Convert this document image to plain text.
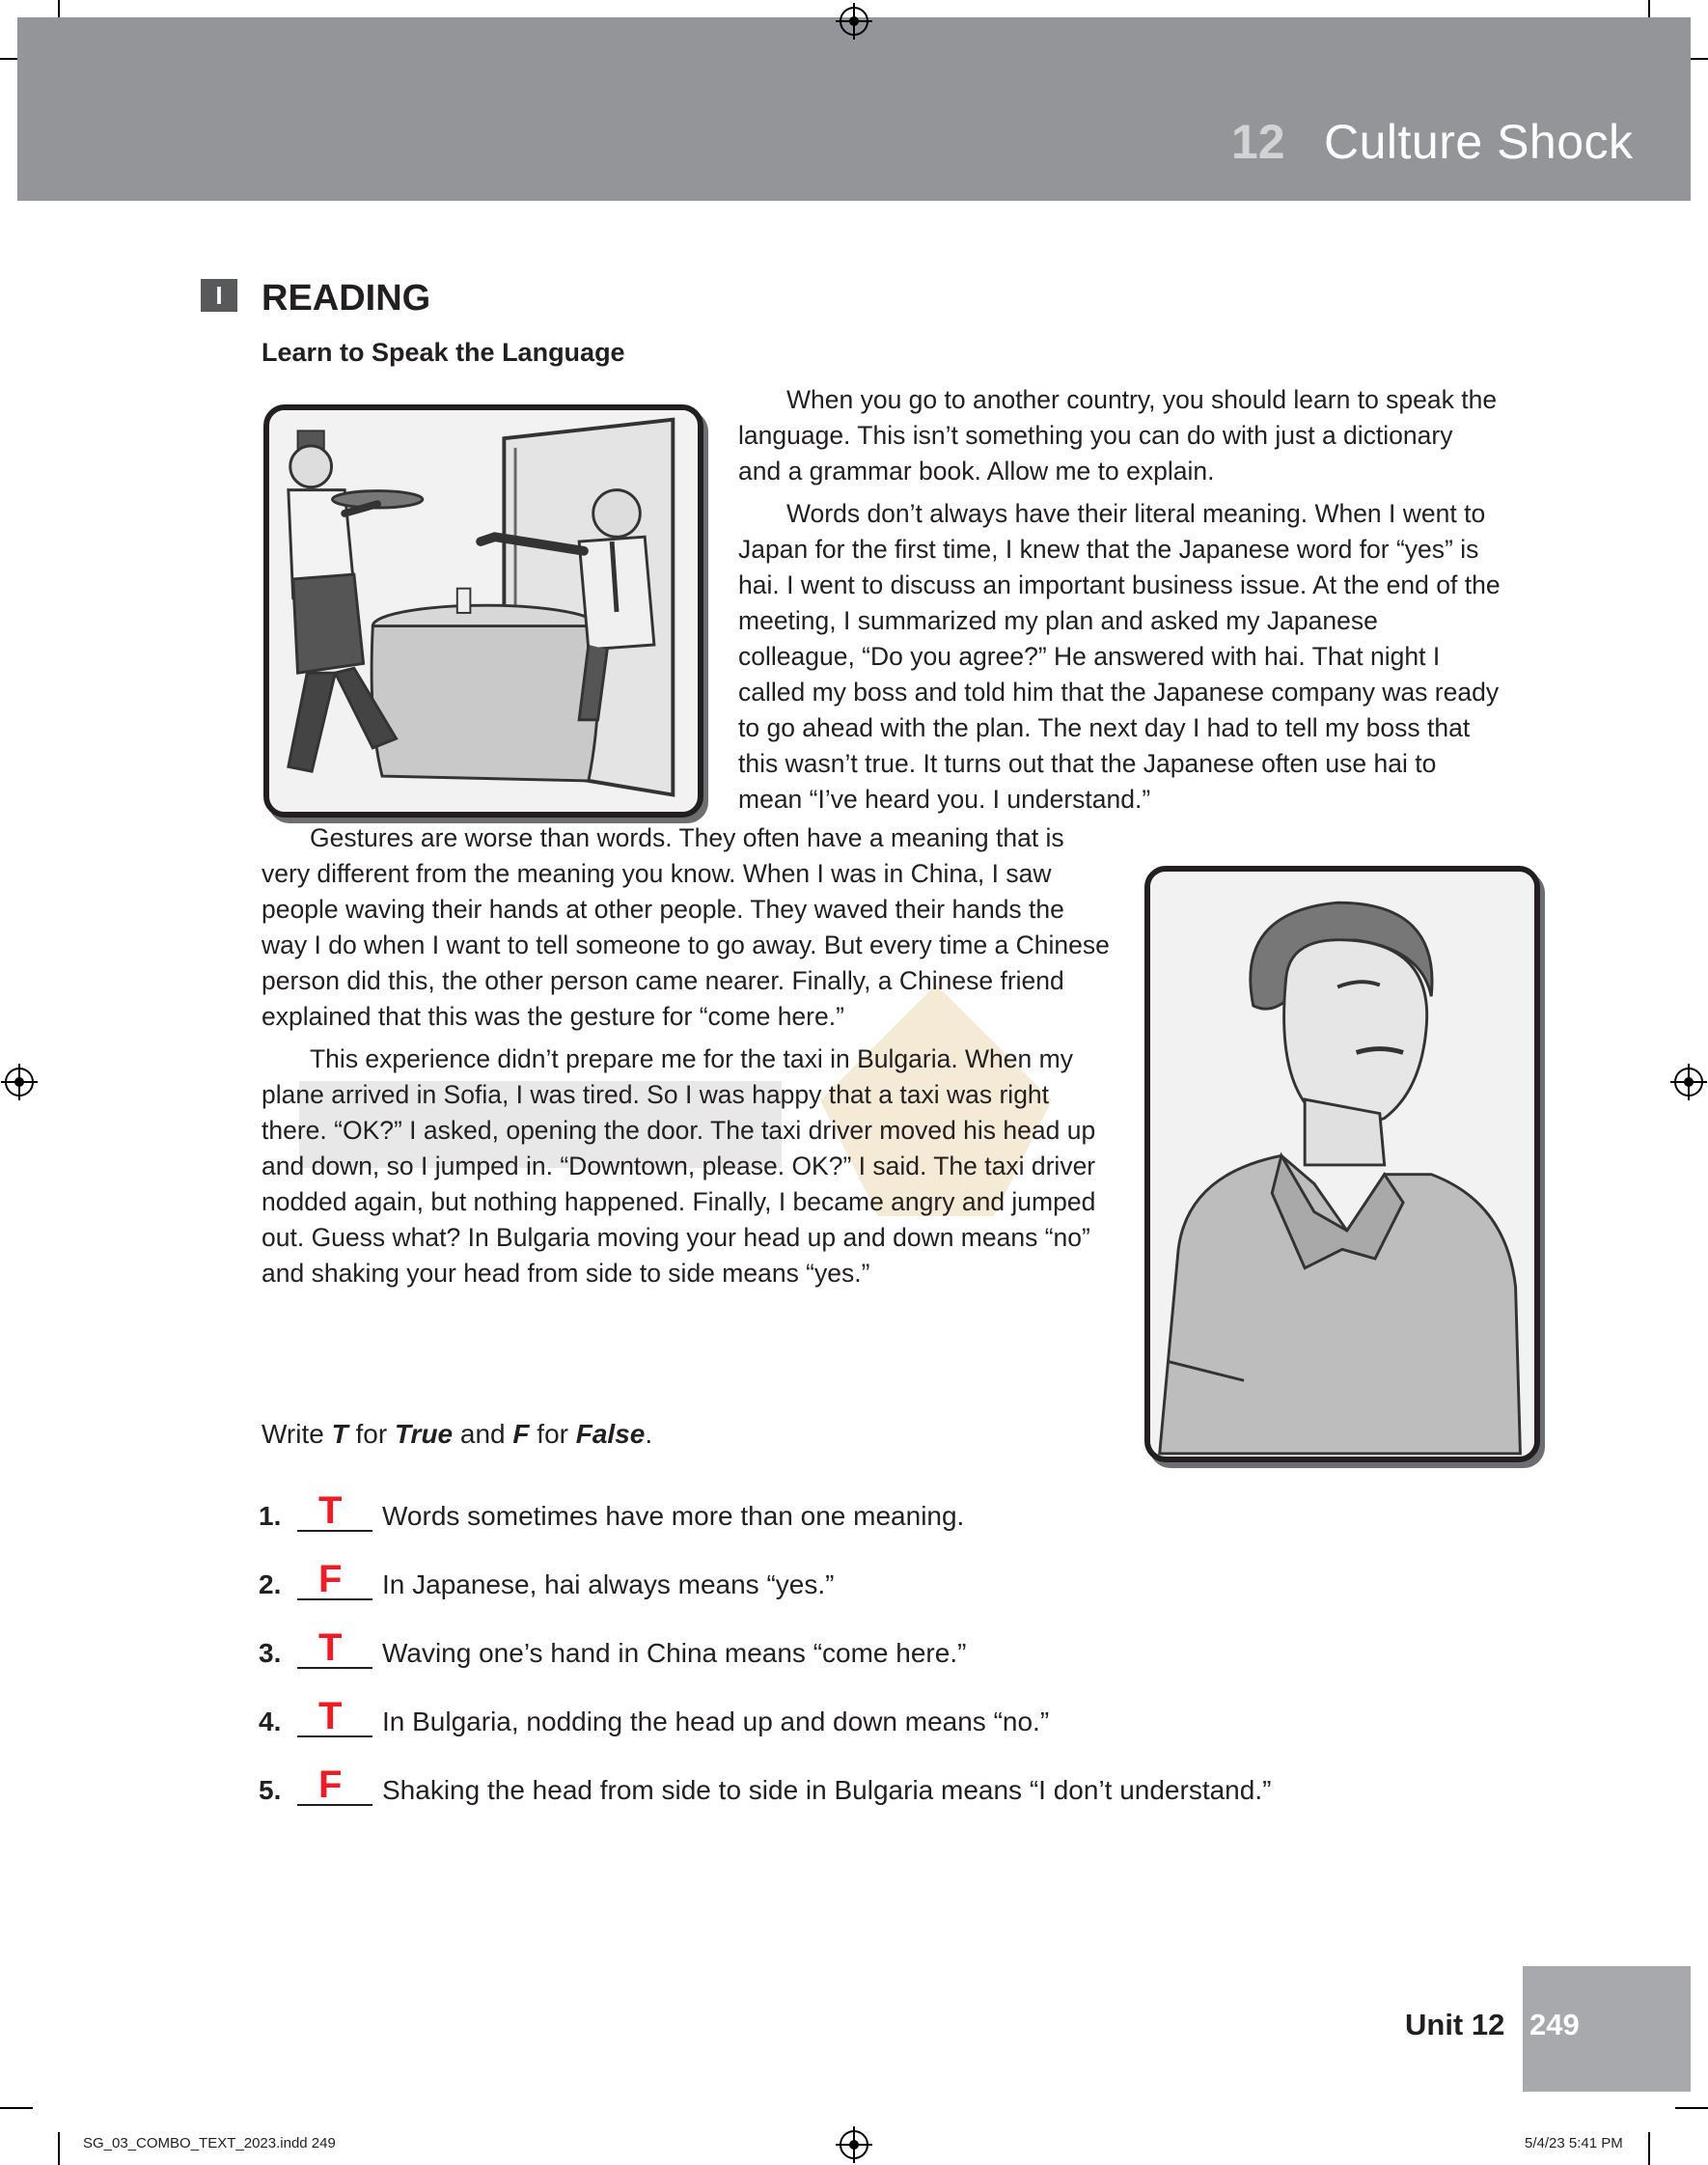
12 Culture Shock
I	READING
Learn to Speak the Language

When you go to another country, you should learn to speak the language. This isn’t something you can do with just a dictionary and a grammar book. Allow me to explain.

Words don’t always have their literal meaning. When I went to Japan for the first time, I knew that the Japanese word for “yes” is hai. I went to discuss an important business issue. At the end of the meeting, I summarized my plan and asked my Japanese colleague, “Do you agree?” He answered with hai. That night I called my boss and told him that the Japanese company was ready to go ahead with the plan. The next day I had to tell my boss that this wasn’t true. It turns out that the Japanese often use hai to mean “I’ve heard you. I understand.”

Gestures are worse than words. They often have a meaning that is very different from the meaning you know. When I was in China, I saw people waving their hands at other people. They waved their hands the way I do when I want to tell someone to go away. But every time a Chinese person did this, the other person came nearer. Finally, a Chinese friend explained that this was the gesture for “come here.”

This experience didn’t prepare me for the taxi in Bulgaria. When my plane arrived in Sofia, I was tired. So I was happy that a taxi was right there. “OK?” I asked, opening the door. The taxi driver moved his head up and down, so I jumped in. “Downtown, please. OK?” I said. The taxi driver nodded again, but nothing happened. Finally, I became angry and jumped out. Guess what? In Bulgaria moving your head up and down means “no” and shaking your head from side to side means “yes.”

Write T for True and F for False.
1. T Words sometimes have more than one meaning.
2. F In Japanese, hai always means “yes.”
3. T Waving one’s hand in China means “come here.”
4. T In Bulgaria, nodding the head up and down means “no.”
5. F Shaking the head from side to side in Bulgaria means “I don’t understand.”
Unit 12 249
SG_03_COMBO_TEXT_2023.indd 249	5/4/23 5:41 PM
